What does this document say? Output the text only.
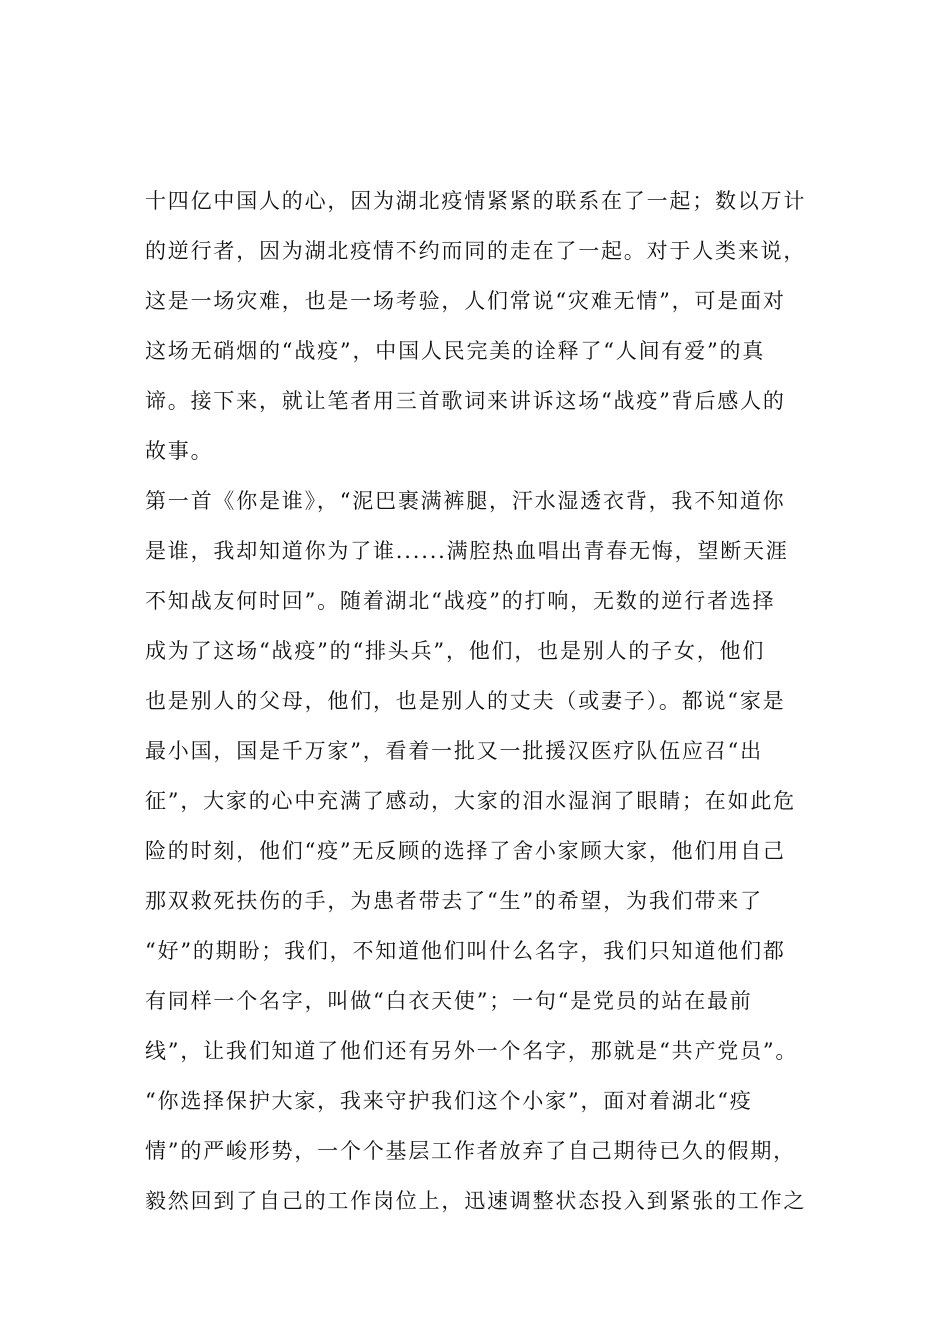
十四亿中国人的心，因为湖北疫情紧紧的联系在了一起；数以万计
的逆行者，因为湖北疫情不约而同的走在了一起。对于人类来说，
这是一场灾难，也是一场考验，人们常说“灾难无情”，可是面对
这场无硝烟的“战疫”，中国人民完美的诠释了“人间有爱”的真
谛。接下来，就让笔者用三首歌词来讲诉这场“战疫”背后感人的
故事。
第一首《你是谁》，“泥巴裹满裤腿，汗水湿透衣背，我不知道你
是谁，我却知道你为了谁......满腔热血唱出青春无悔，望断天涯
不知战友何时回”。随着湖北“战疫”的打响，无数的逆行者选择
成为了这场“战疫”的“排头兵”，他们，也是别人的子女，他们
也是别人的父母，他们，也是别人的丈夫（或妻子）。都说“家是
最小国，国是千万家”，看着一批又一批援汉医疗队伍应召“出
征”，大家的心中充满了感动，大家的泪水湿润了眼睛；在如此危
险的时刻，他们“疫”无反顾的选择了舍小家顾大家，他们用自己
那双救死扶伤的手，为患者带去了“生”的希望，为我们带来了
“好”的期盼；我们，不知道他们叫什么名字，我们只知道他们都
有同样一个名字，叫做“白衣天使”；一句“是党员的站在最前
线”，让我们知道了他们还有另外一个名字，那就是“共产党员”。
“你选择保护大家，我来守护我们这个小家”，面对着湖北“疫
情”的严峻形势，一个个基层工作者放弃了自己期待已久的假期，
毅然回到了自己的工作岗位上，迅速调整状态投入到紧张的工作之
